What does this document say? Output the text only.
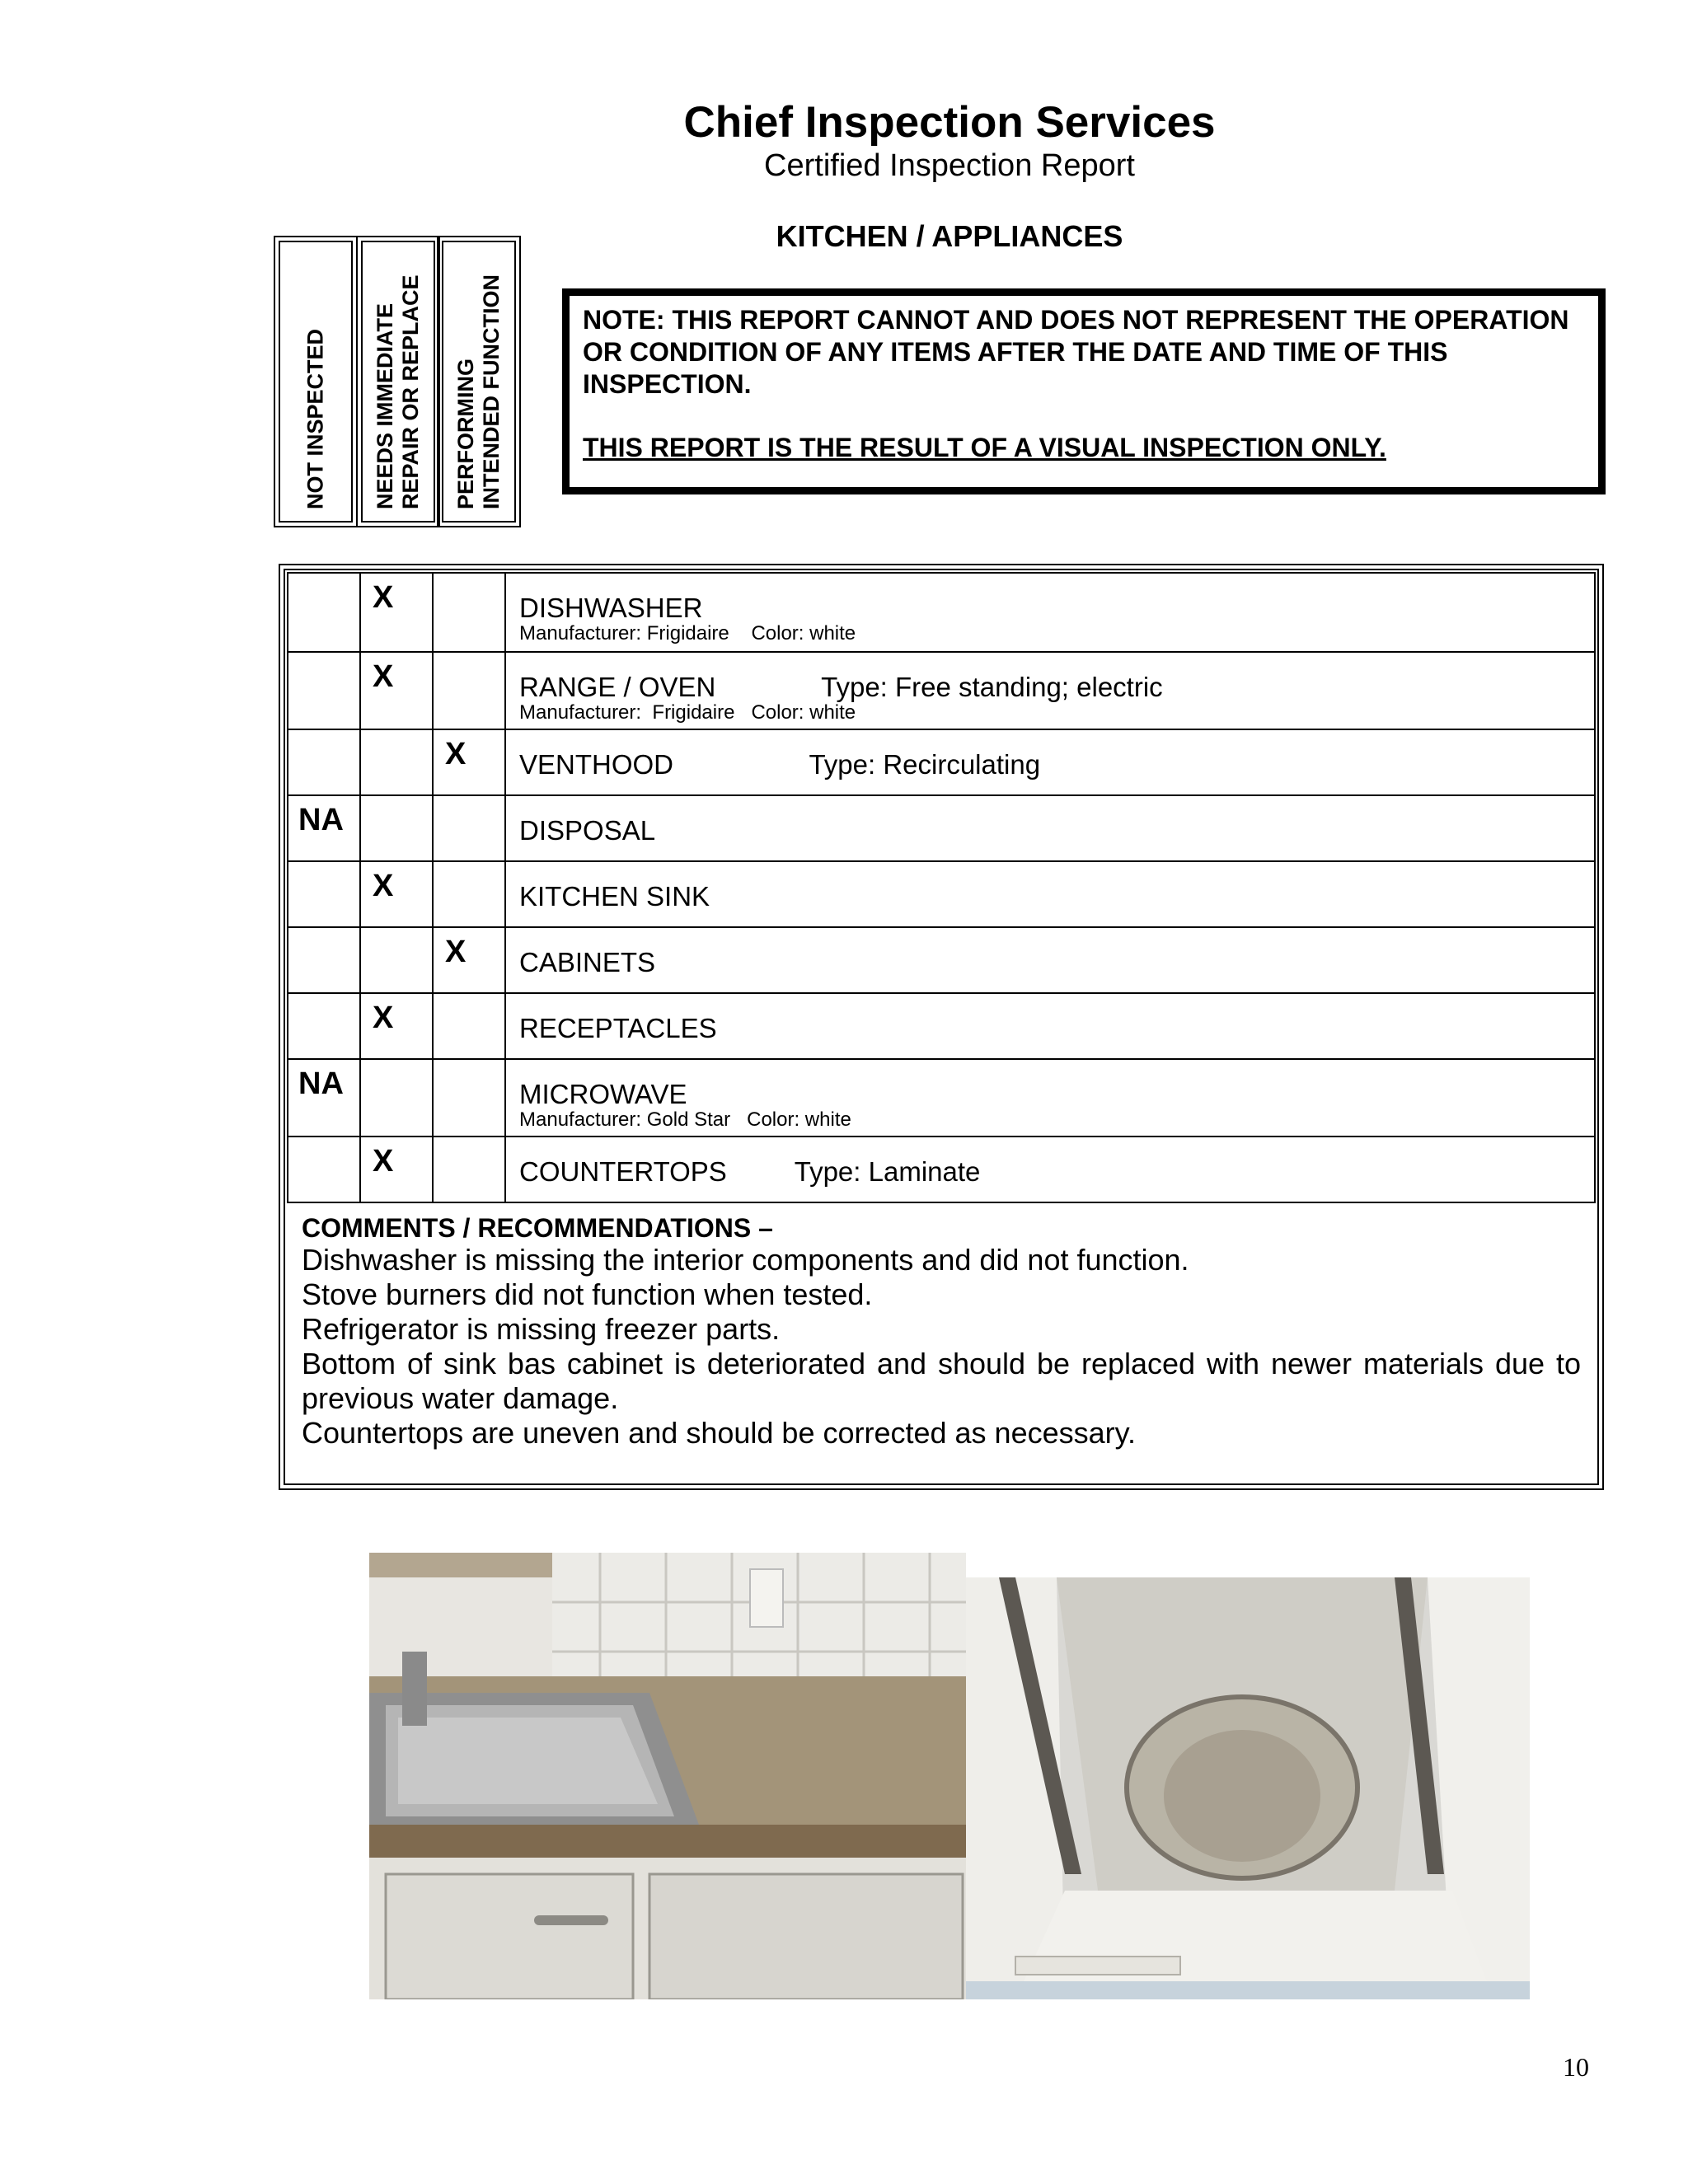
Chief Inspection Services
Certified Inspection Report
KITCHEN / APPLIANCES
NOT INSPECTED NEEDS IMMEDIATE
REPAIR OR REPLACE
PERFORMING
INTENDED FUNCTION	NOTE: THIS REPORT CANNOT AND DOES NOT REPRESENT THE OPERATION OR CONDITION OF ANY ITEMS AFTER THE DATE AND TIME OF THIS INSPECTION.
THIS REPORT IS THE RESULT OF A VISUAL INSPECTION ONLY.
	X		DISHWASHER
Manufacturer: Frigidaire    Color: white

	X		RANGE / OVEN              Type: Free standing; electric
Manufacturer:  Frigidaire   Color: white

		X	VENTHOOD                  Type: Recirculating

NA			DISPOSAL

	X		KITCHEN SINK

		X	CABINETS

	X		RECEPTACLES

NA			MICROWAVE
Manufacturer: Gold Star   Color: white

	X		COUNTERTOPS         Type: Laminate
COMMENTS / RECOMMENDATIONS –

Dishwasher is missing the interior components and did not function.

Stove burners did not function when tested.

Refrigerator is missing freezer parts.

Bottom of sink bas cabinet is deteriorated and should be replaced with newer materials due to previous water damage.

Countertops are uneven and should be corrected as necessary.

10
